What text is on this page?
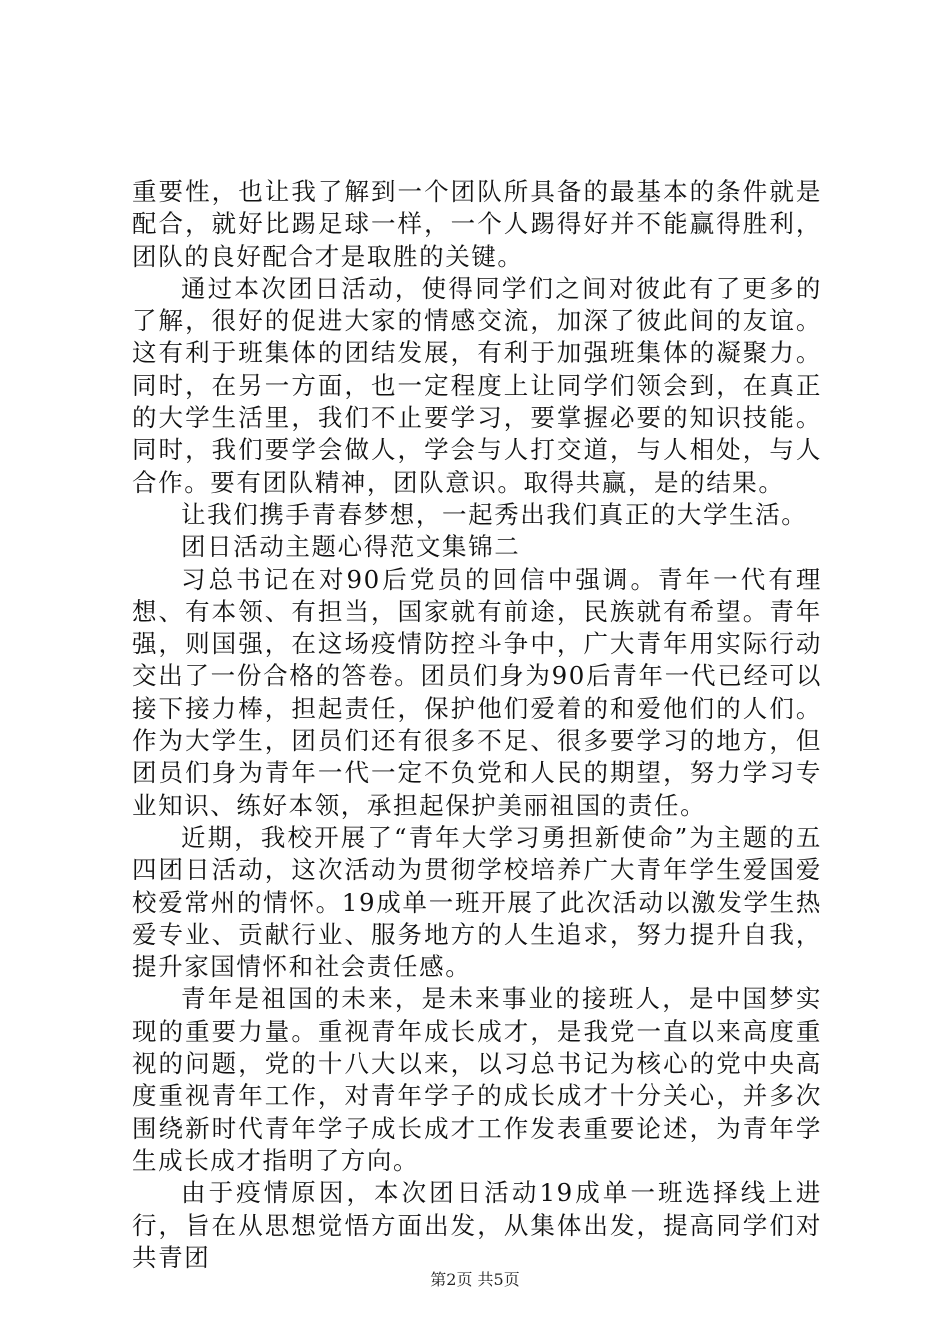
重要性，也让我了解到一个团队所具备的最基本的条件就是配合，就好比踢足球一样，一个人踢得好并不能赢得胜利，团队的良好配合才是取胜的关键。

通过本次团日活动，使得同学们之间对彼此有了更多的了解，很好的促进大家的情感交流，加深了彼此间的友谊。这有利于班集体的团结发展，有利于加强班集体的凝聚力。同时，在另一方面，也一定程度上让同学们领会到，在真正的大学生活里，我们不止要学习，要掌握必要的知识技能。同时，我们要学会做人，学会与人打交道，与人相处，与人合作。要有团队精神，团队意识。取得共赢，是的结果。

让我们携手青春梦想，一起秀出我们真正的大学生活。

团日活动主题心得范文集锦二

习总书记在对90后党员的回信中强调。青年一代有理想、有本领、有担当，国家就有前途，民族就有希望。青年强，则国强，在这场疫情防控斗争中，广大青年用实际行动交出了一份合格的答卷。团员们身为90后青年一代已经可以接下接力棒，担起责任，保护他们爱着的和爱他们的人们。作为大学生，团员们还有很多不足、很多要学习的地方，但团员们身为青年一代一定不负党和人民的期望，努力学习专业知识、练好本领，承担起保护美丽祖国的责任。

近期，我校开展了“青年大学习勇担新使命”为主题的五四团日活动，这次活动为贯彻学校培养广大青年学生爱国爱校爱常州的情怀。19成单一班开展了此次活动以激发学生热爱专业、贡献行业、服务地方的人生追求，努力提升自我，提升家国情怀和社会责任感。

青年是祖国的未来，是未来事业的接班人，是中国梦实现的重要力量。重视青年成长成才，是我党一直以来高度重视的问题，党的十八大以来，以习总书记为核心的党中央高度重视青年工作，对青年学子的成长成才十分关心，并多次围绕新时代青年学子成长成才工作发表重要论述，为青年学生成长成才指明了方向。

由于疫情原因，本次团日活动19成单一班选择线上进行，旨在从思想觉悟方面出发，从集体出发，提高同学们对共青团

第2页 共5页
